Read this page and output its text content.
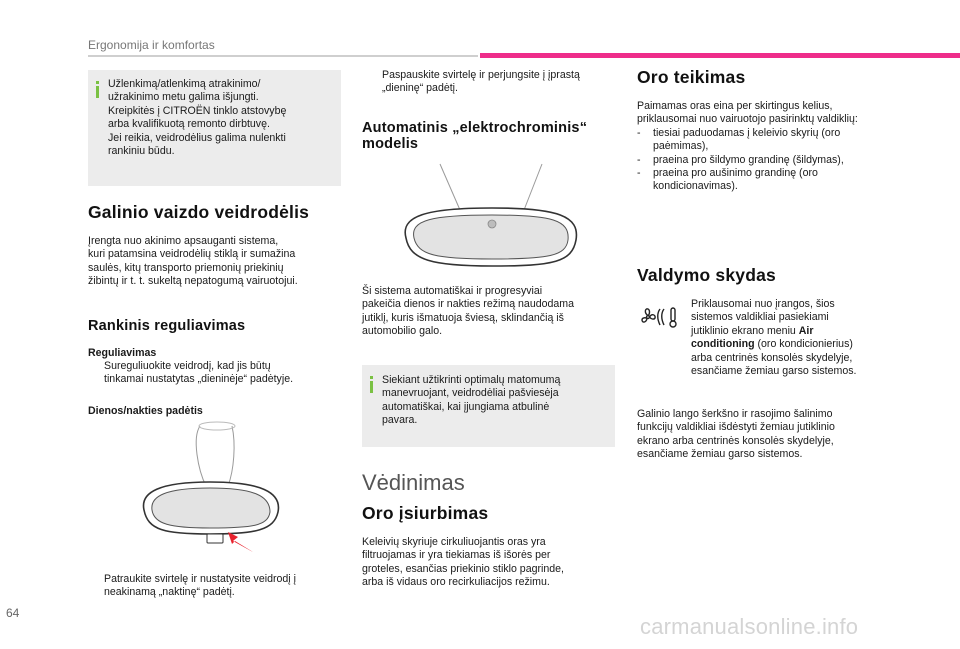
Ergonomija ir komfortas
Užlenkimą/atlenkimą atrakinimo/
užrakinimo metu galima išjungti.
Kreipkitės į CITROËN tinklo atstovybę
arba kvalifikuotą remonto dirbtuvę.
Jei reikia, veidrodėlius galima nulenkti
rankiniu būdu.
Galinio vaizdo veidrodėlis
Įrengta nuo akinimo apsauganti sistema,
kuri patamsina veidrodėlių stiklą ir sumažina
saulės, kitų transporto priemonių priekinių
žibintų ir t. t. sukeltą nepatogumą vairuotojui.
Rankinis reguliavimas
Reguliavimas
Sureguliuokite veidrodį, kad jis būtų
tinkamai nustatytas „dieninėje“ padėtyje.
Dienos/nakties padėtis
Patraukite svirtelę ir nustatysite veidrodį į
neakinamą „naktinę“ padėtį.
Paspauskite svirtelę ir perjungsite į įprastą
„dieninę“ padėtį.
Automatinis „elektrochrominis“
modelis
Ši sistema automatiškai ir progresyviai
pakeičia dienos ir nakties režimą naudodama
jutiklį, kuris išmatuoja šviesą, sklindančią iš
automobilio galo.
Siekiant užtikrinti optimalų matomumą
manevruojant, veidrodėliai pašviesėja
automatiškai, kai įjungiama atbulinė
pavara.
Vėdinimas
Oro įsiurbimas
Keleivių skyriuje cirkuliuojantis oras yra
filtruojamas ir yra tiekiamas iš išorės per
groteles, esančias priekinio stiklo pagrinde,
arba iš vidaus oro recirkuliacijos režimu.
Oro teikimas
Paimamas oras eina per skirtingus kelius,
priklausomai nuo vairuotojo pasirinktų valdiklių:
- tiesiai paduodamas į keleivio skyrių (oro
paėmimas),
- praeina pro šildymo grandinę (šildymas),
- praeina pro aušinimo grandinę (oro
kondicionavimas).
Valdymo skydas
Priklausomai nuo įrangos, šios
sistemos valdikliai pasiekiami
jutiklinio ekrano meniu Air
conditioning (oro kondicionierius)
arba centrinės konsolės skydelyje,
esančiame žemiau garso sistemos.
Galinio lango šerkšno ir rasojimo šalinimo
funkcijų valdikliai išdėstyti žemiau jutiklinio
ekrano arba centrinės konsolės skydelyje,
esančiame žemiau garso sistemos.
64
carmanualsonline.info
